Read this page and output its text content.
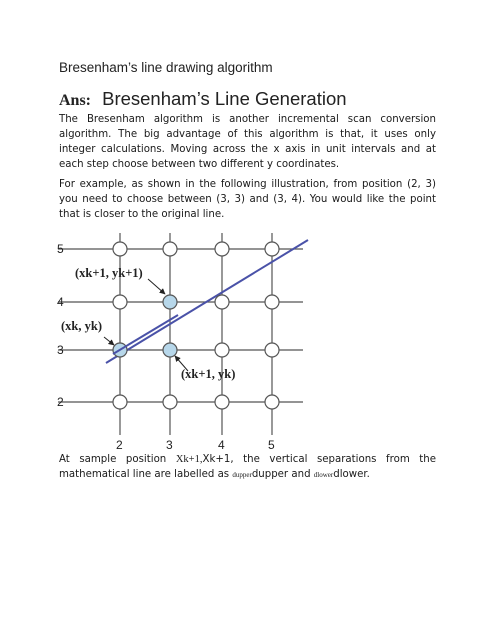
Bresenham’s line drawing algorithm
Ans: Bresenham’s Line Generation

The Bresenham algorithm is another incremental scan conversion algorithm. The big advantage of this algorithm is that, it uses only integer calculations. Moving across the x axis in unit intervals and at each step choose between two different y coordinates.

For example, as shown in the following illustration, from position (2, 3) you need to choose between (3, 3) and (3, 4). You would like the point that is closer to the original line.

(xk+1, yk+1)
(xk, yk)
(xk+1, yk)
5
4
3
2
2	3	4	5

At sample position Xk+1,Xk+1, the vertical separations from the mathematical line are labelled as dupperdupper and dlowerdlower.
